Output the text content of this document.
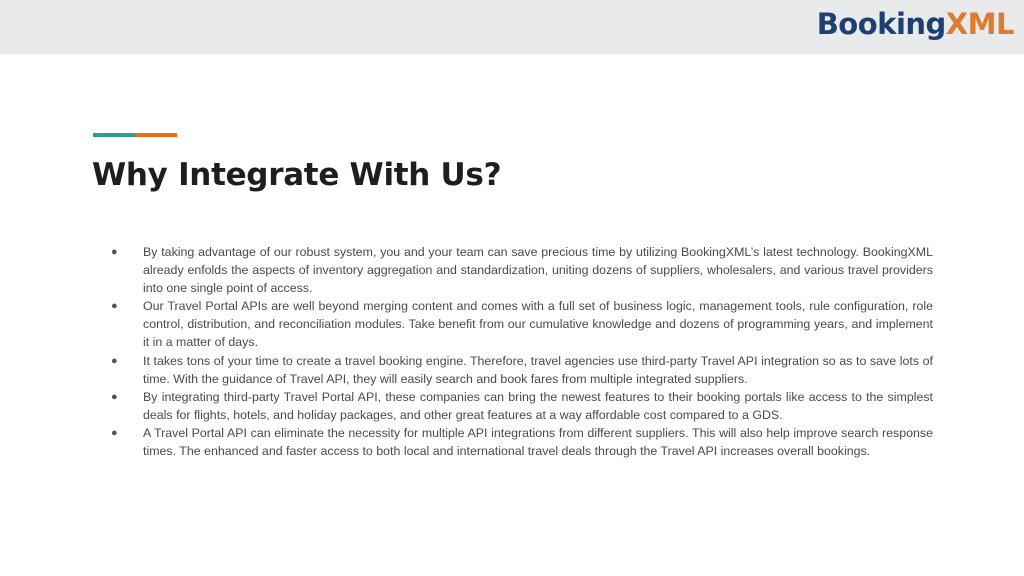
Booking XML
Why Integrate With Us?
● By taking advantage of our robust system, you and your team can save precious time by utilizing BookingXML’s latest technology. BookingXML already enfolds the aspects of inventory aggregation and standardization, uniting dozens of suppliers, wholesalers, and various travel providers into one single point of access.
● Our Travel Portal APIs are well beyond merging content and comes with a full set of business logic, management tools, rule configuration, role control, distribution, and reconciliation modules. Take benefit from our cumulative knowledge and dozens of programming years, and implement it in a matter of days.
● It takes tons of your time to create a travel booking engine. Therefore, travel agencies use third-party Travel API integration so as to save lots of time. With the guidance of Travel API, they will easily search and book fares from multiple integrated suppliers.
● By integrating third-party Travel Portal API, these companies can bring the newest features to their booking portals like access to the simplest deals for flights, hotels, and holiday packages, and other great features at a way affordable cost compared to a GDS.
● A Travel Portal API can eliminate the necessity for multiple API integrations from different suppliers. This will also help improve search response times. The enhanced and faster access to both local and international travel deals through the Travel API increases overall bookings.
